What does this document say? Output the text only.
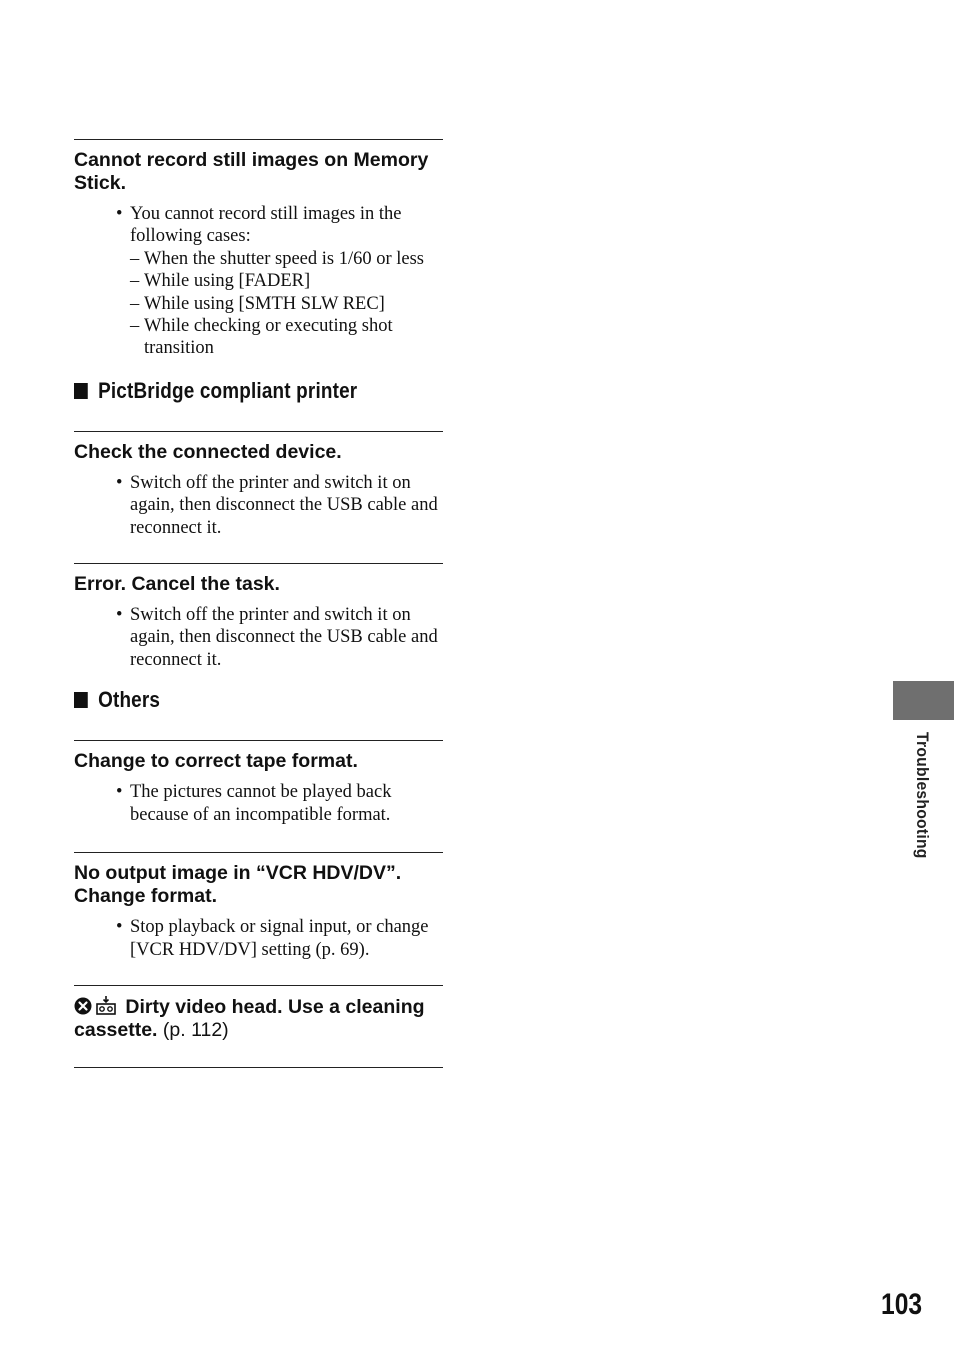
Cannot record still images on Memory Stick.

• You cannot record still images in the following cases:
– When the shutter speed is 1/60 or less
– While using [FADER]
– While using [SMTH SLW REC]
– While checking or executing shot transition
PictBridge compliant printer

Check the connected device.

• Switch off the printer and switch it on again, then disconnect the USB cable and reconnect it.

Error. Cancel the task.

• Switch off the printer and switch it on again, then disconnect the USB cable and reconnect it.
Others

Change to correct tape format.

• The pictures cannot be played back because of an incompatible format.

No output image in “VCR HDV/DV”. Change format.

• Stop playback or signal input, or change [VCR HDV/DV] setting (p. 69).

Dirty video head. Use a cleaning cassette. (p. 112)

Troubleshooting
103
